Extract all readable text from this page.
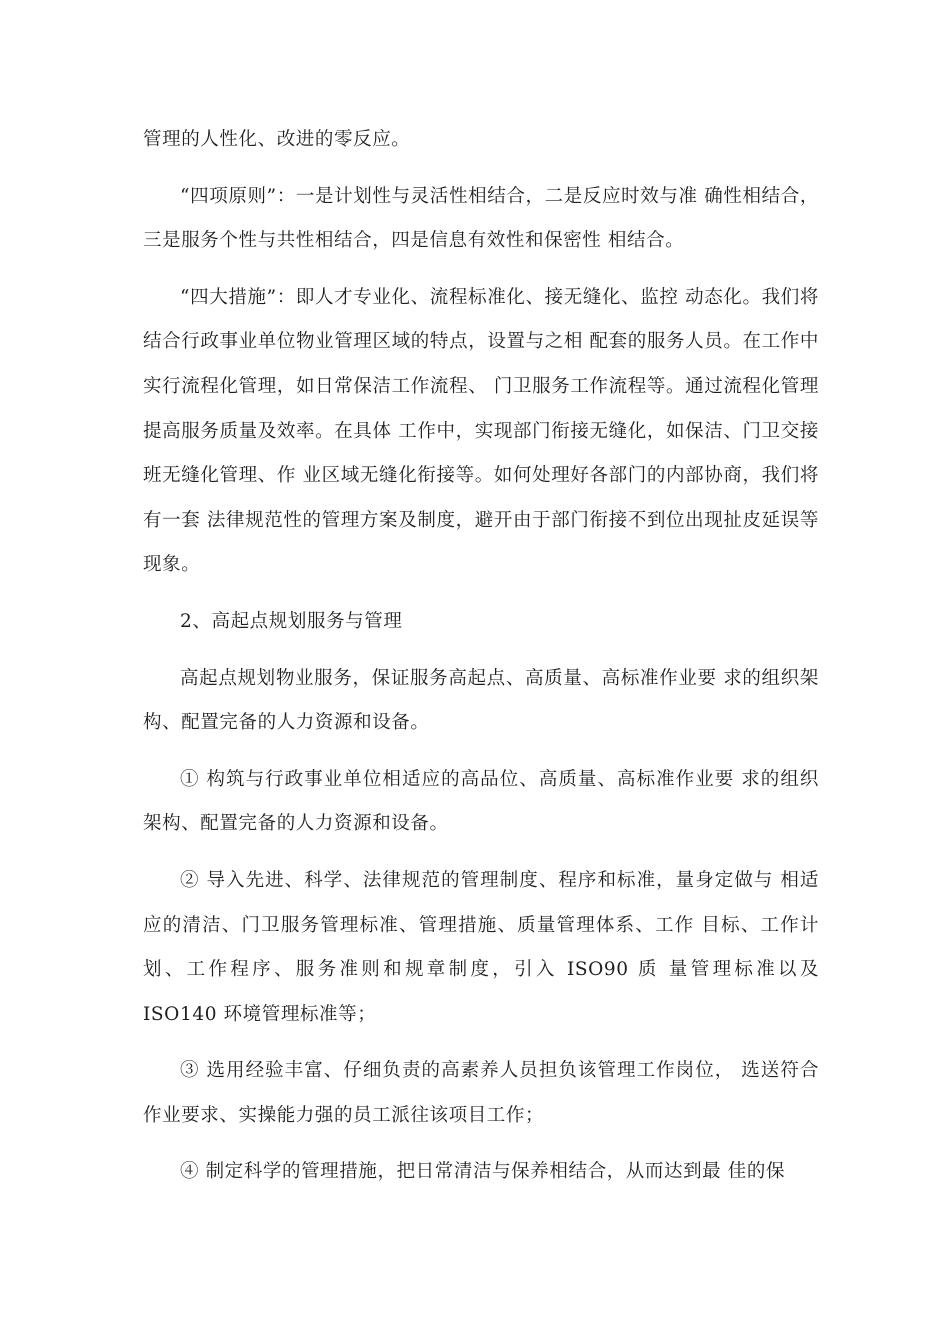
管理的人性化、改进的零反应。

“四项原则”：一是计划性与灵活性相结合，二是反应时效与准 确性相结合，三是服务个性与共性相结合，四是信息有效性和保密性 相结合。

“四大措施”：即人才专业化、流程标准化、接无缝化、监控 动态化。我们将结合行政事业单位物业管理区域的特点，设置与之相 配套的服务人员。在工作中实行流程化管理，如日常保洁工作流程、 门卫服务工作流程等。通过流程化管理提高服务质量及效率。在具体 工作中，实现部门衔接无缝化，如保洁、门卫交接班无缝化管理、作 业区域无缝化衔接等。如何处理好各部门的内部协商，我们将有一套 法律规范性的管理方案及制度，避开由于部门衔接不到位出现扯皮延误等 现象。

2、高起点规划服务与管理

高起点规划物业服务，保证服务高起点、高质量、高标准作业要 求的组织架构、配置完备的人力资源和设备。

① 构筑与行政事业单位相适应的高品位、高质量、高标准作业要 求的组织架构、配置完备的人力资源和设备。

② 导入先进、科学、法律规范的管理制度、程序和标准，量身定做与 相适应的清洁、门卫服务管理标准、管理措施、质量管理体系、工作 目标、工作计划、工作程序、服务准则和规章制度，引入 ISO90 质 量管理标准以及 ISO140 环境管理标准等；

③ 选用经验丰富、仔细负责的高素养人员担负该管理工作岗位， 选送符合作业要求、实操能力强的员工派往该项目工作；

④ 制定科学的管理措施，把日常清洁与保养相结合，从而达到最 佳的保
